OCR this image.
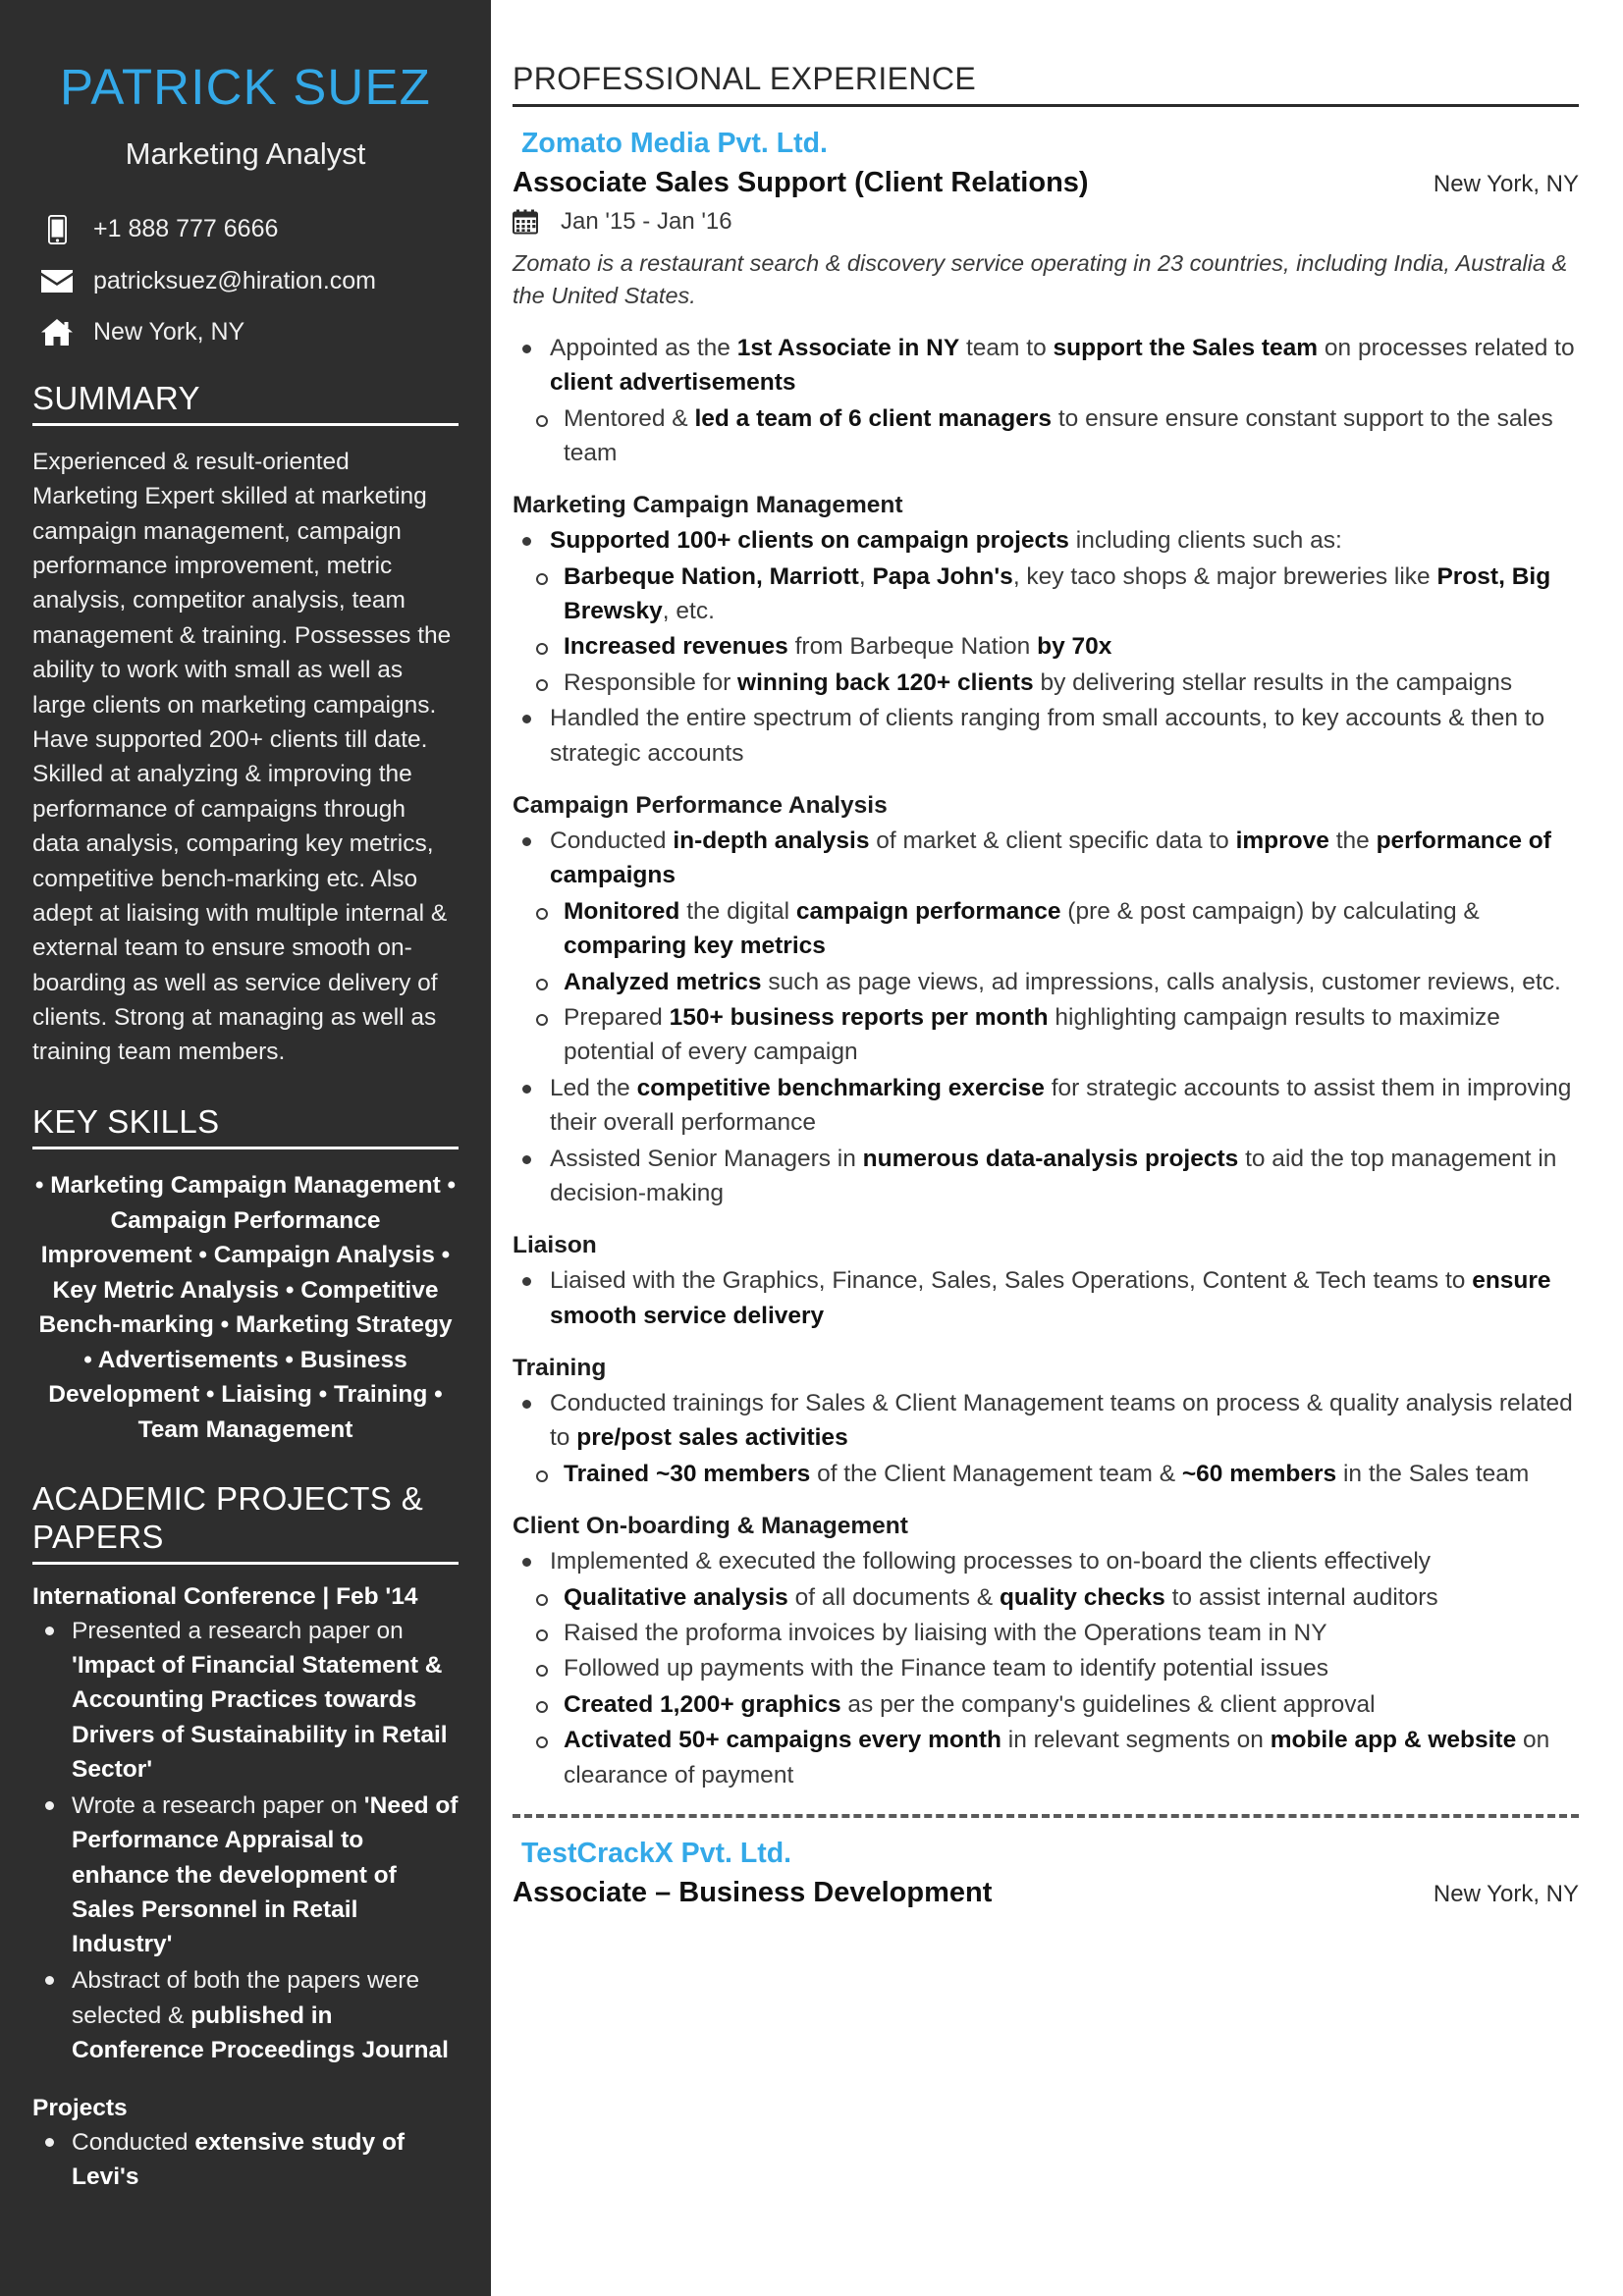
PATRICK SUEZ
Marketing Analyst
+1 888 777 6666
patricksuez@hiration.com
New York, NY
SUMMARY

Experienced & result-oriented Marketing Expert skilled at marketing campaign management, campaign performance improvement, metric analysis, competitor analysis, team management & training. Possesses the ability to work with small as well as large clients on marketing campaigns. Have supported 200+ clients till date. Skilled at analyzing & improving the performance of campaigns through data analysis, comparing key metrics, competitive bench-marking etc. Also adept at liaising with multiple internal & external team to ensure smooth on-boarding as well as service delivery of clients. Strong at managing as well as training team members.

KEY SKILLS

• Marketing Campaign Management • Campaign Performance Improvement • Campaign Analysis • Key Metric Analysis • Competitive Bench-marking • Marketing Strategy • Advertisements • Business Development • Liaising • Training • Team Management

ACADEMIC PROJECTS & PAPERS
International Conference | Feb '14
Presented a research paper on 'Impact of Financial Statement & Accounting Practices towards Drivers of Sustainability in Retail Sector'
Wrote a research paper on 'Need of Performance Appraisal to enhance the development of Sales Personnel in Retail Industry'
Abstract of both the papers were selected & published in Conference Proceedings Journal
Projects
Conducted extensive study of Levi's
PROFESSIONAL EXPERIENCE
Zomato Media Pvt. Ltd.
Associate Sales Support (Client Relations)	New York, NY
Jan '15 - Jan '16
Zomato is a restaurant search & discovery service operating in 23 countries, including India, Australia & the United States.
Appointed as the 1st Associate in NY team to support the Sales team on processes related to client advertisements
Mentored & led a team of 6 client managers to ensure ensure constant support to the sales team
Marketing Campaign Management
Supported 100+ clients on campaign projects including clients such as:
Barbeque Nation, Marriott, Papa John's, key taco shops & major breweries like Prost, Big Brewsky, etc.
Increased revenues from Barbeque Nation by 70x
Responsible for winning back 120+ clients by delivering stellar results in the campaigns
Handled the entire spectrum of clients ranging from small accounts, to key accounts & then to strategic accounts
Campaign Performance Analysis
Conducted in-depth analysis of market & client specific data to improve the performance of campaigns
Monitored the digital campaign performance (pre & post campaign) by calculating & comparing key metrics
Analyzed metrics such as page views, ad impressions, calls analysis, customer reviews, etc.
Prepared 150+ business reports per month highlighting campaign results to maximize potential of every campaign
Led the competitive benchmarking exercise for strategic accounts to assist them in improving their overall performance
Assisted Senior Managers in numerous data-analysis projects to aid the top management in decision-making
Liaison
Liaised with the Graphics, Finance, Sales, Sales Operations, Content & Tech teams to ensure smooth service delivery
Training
Conducted trainings for Sales & Client Management teams on process & quality analysis related to pre/post sales activities
Trained ~30 members of the Client Management team & ~60 members in the Sales team
Client On-boarding & Management
Implemented & executed the following processes to on-board the clients effectively
Qualitative analysis of all documents & quality checks to assist internal auditors
Raised the proforma invoices by liaising with the Operations team in NY
Followed up payments with the Finance team to identify potential issues
Created 1,200+ graphics as per the company's guidelines & client approval
Activated 50+ campaigns every month in relevant segments on mobile app & website on clearance of payment
TestCrackX Pvt. Ltd.
Associate – Business Development	New York, NY
